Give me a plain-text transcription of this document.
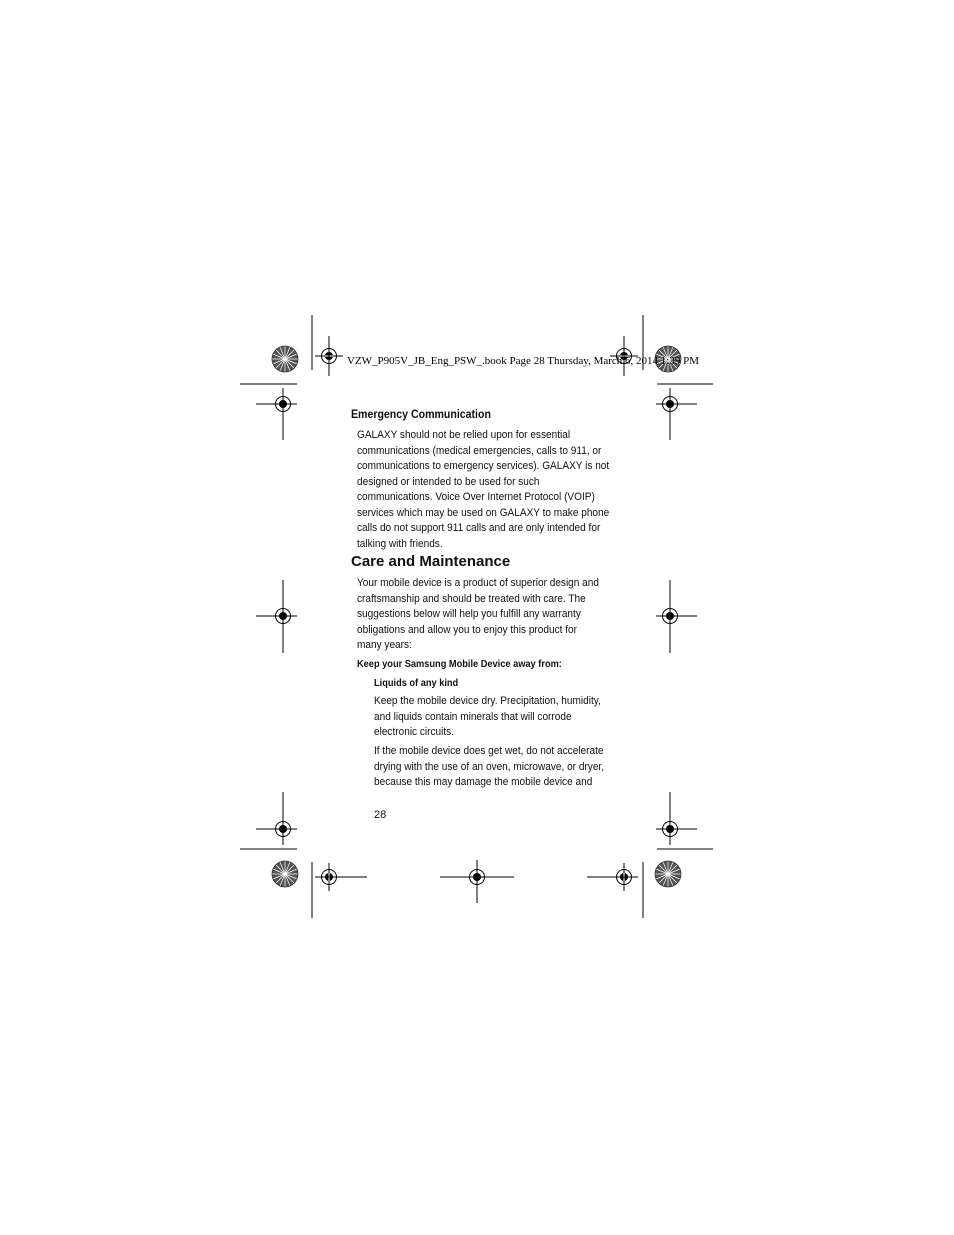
VZW_P905V_JB_Eng_PSW_.book Page 28 Thursday, March 6, 2014 1:39 PM
Emergency Communication
GALAXY should not be relied upon for essential
communications (medical emergencies, calls to 911, or
communications to emergency services). GALAXY is not
designed or intended to be used for such
communications. Voice Over Internet Protocol (VOIP)
services which may be used on GALAXY to make phone
calls do not support 911 calls and are only intended for
talking with friends.
Care and Maintenance
Your mobile device is a product of superior design and
craftsmanship and should be treated with care. The
suggestions below will help you fulfill any warranty
obligations and allow you to enjoy this product for
many years:
Keep your Samsung Mobile Device away from:
Liquids of any kind
Keep the mobile device dry. Precipitation, humidity,
and liquids contain minerals that will corrode
electronic circuits.
If the mobile device does get wet, do not accelerate
drying with the use of an oven, microwave, or dryer,
because this may damage the mobile device and
28
